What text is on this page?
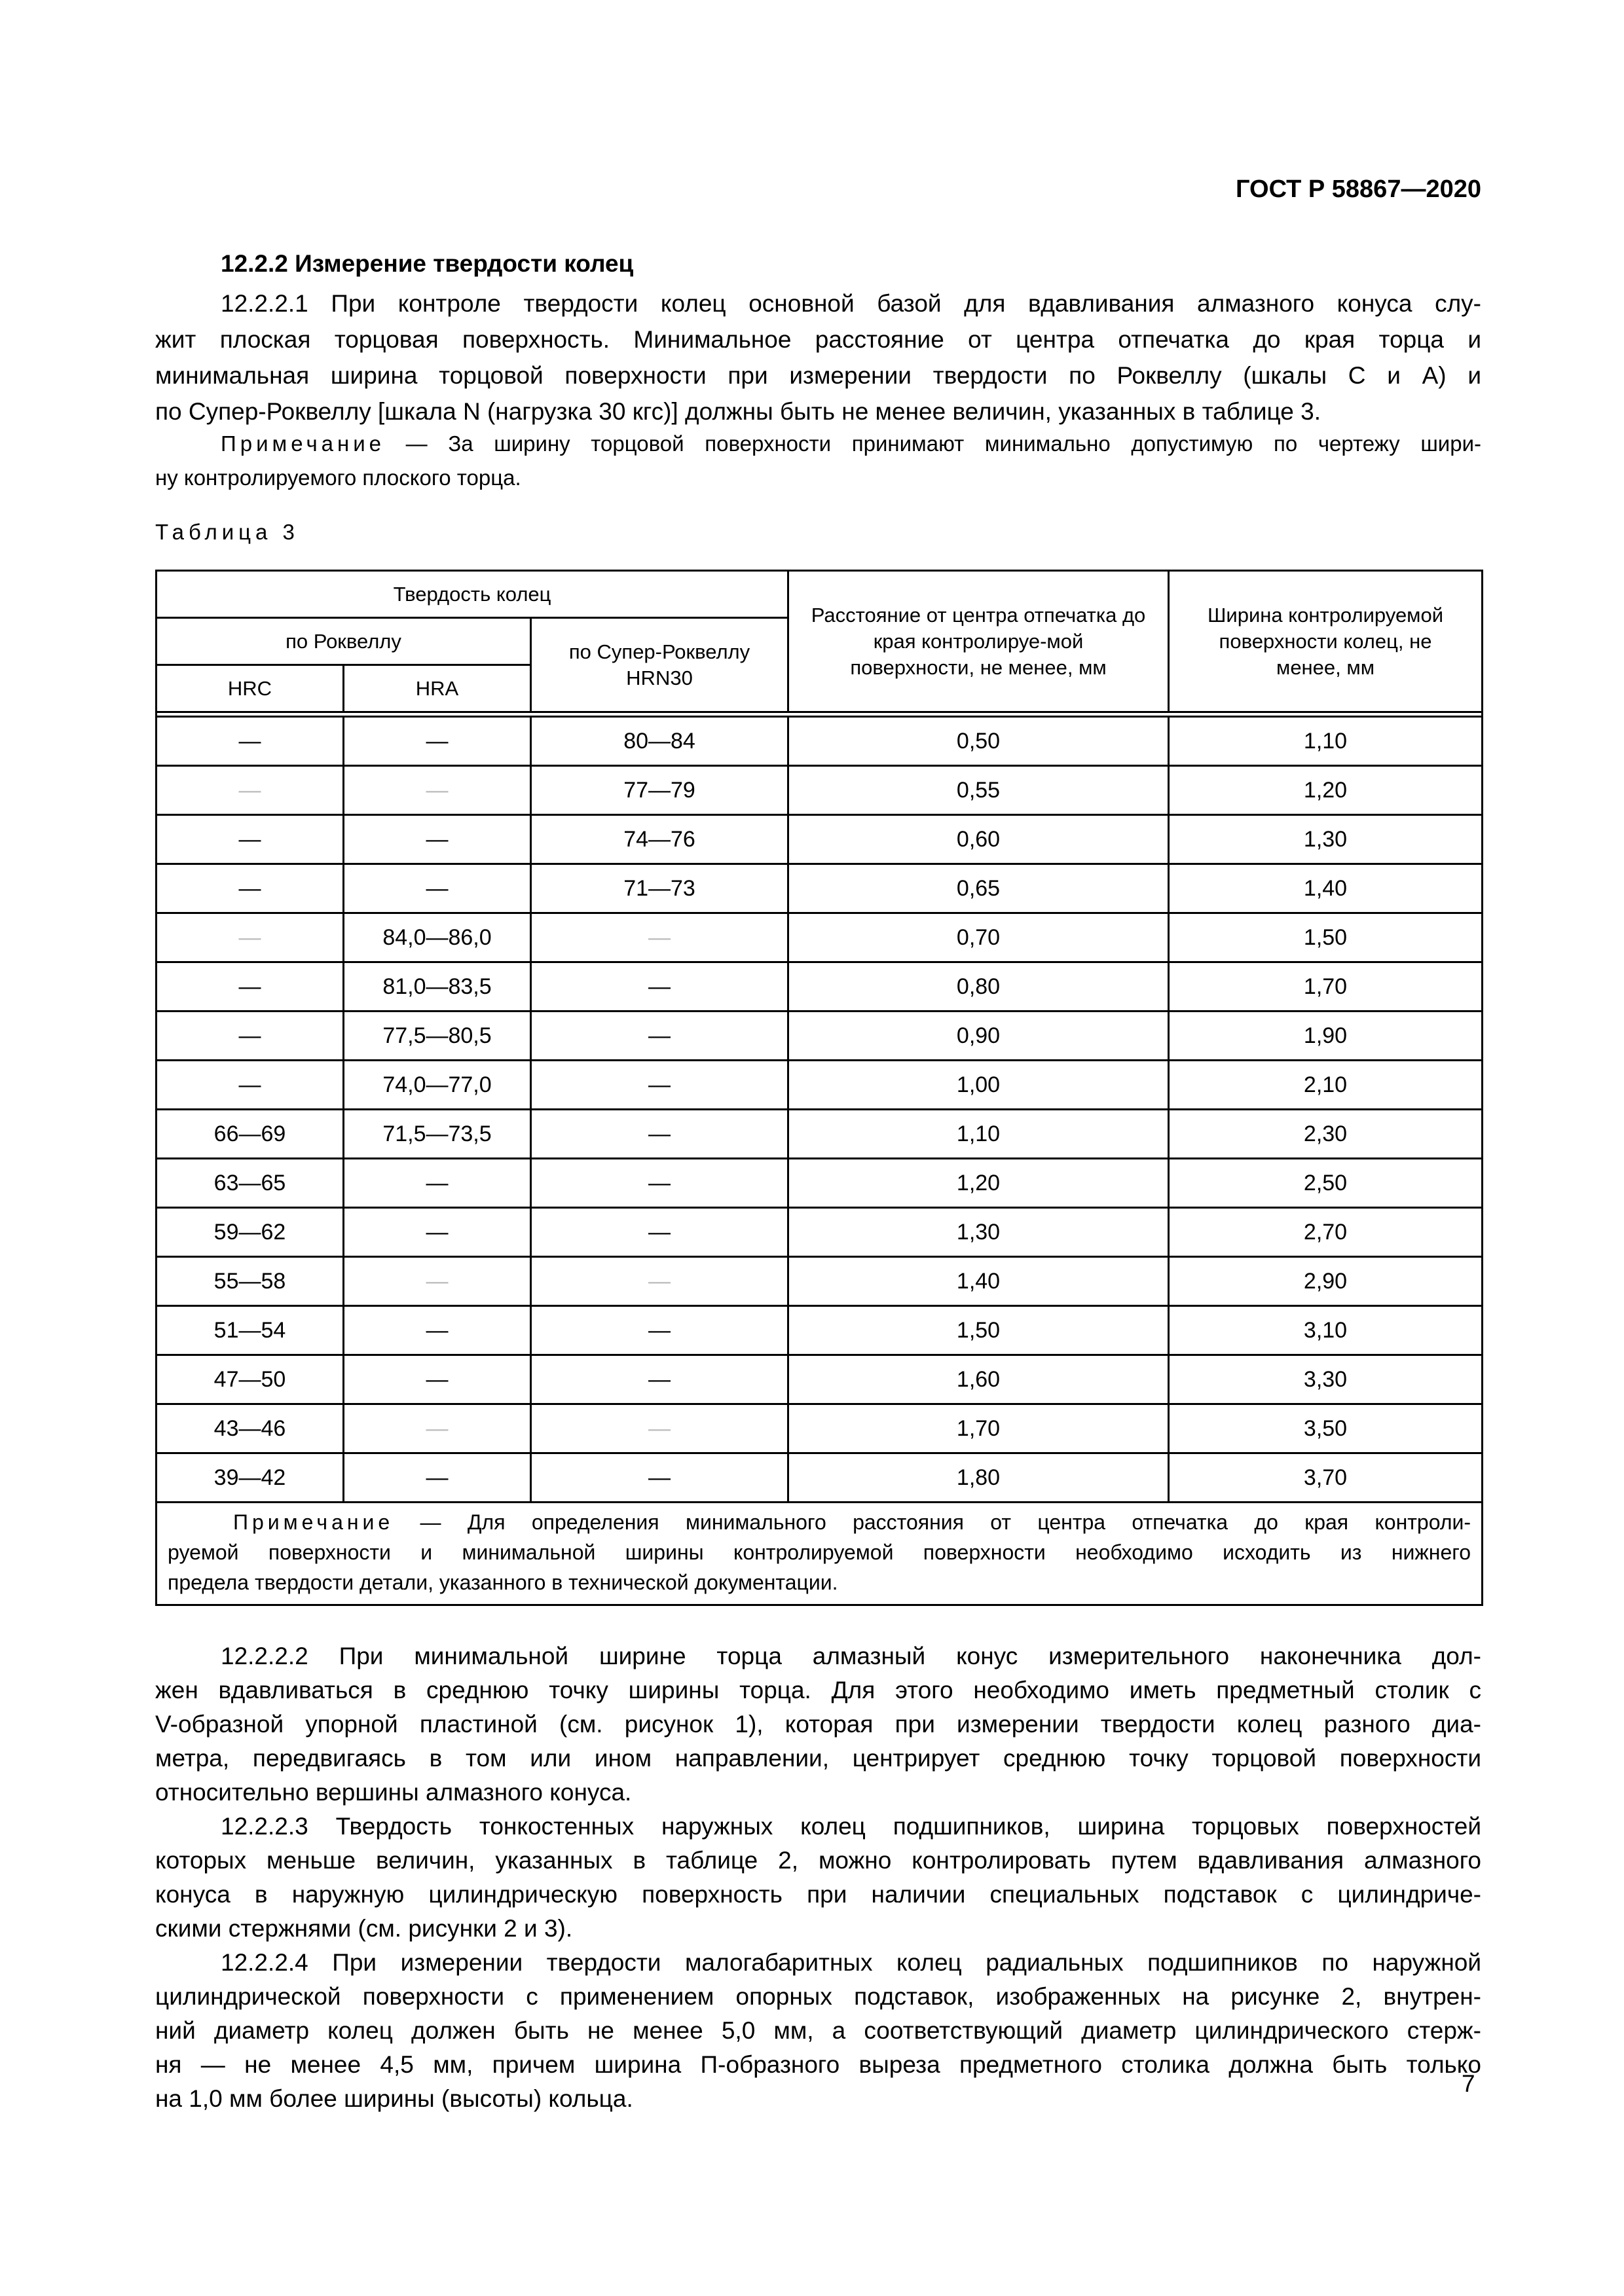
ГОСТ Р 58867—2020
12.2.2 Измерение твердости колец
12.2.2.1 При контроле твердости колец основной базой для вдавливания алмазного конуса слу-
жит плоская торцовая поверхность. Минимальное расстояние от центра отпечатка до края торца и
минимальная ширина торцовой поверхности при измерении твердости по Роквеллу (шкалы С и А) и
по Супер-Роквеллу [шкала N (нагрузка 30 кгс)] должны быть не менее величин, указанных в таблице 3.
Примечание — За ширину торцовой поверхности принимают минимально допустимую по чертежу шири-
ну контролируемого плоского торца.
Таблица 3
Твердость колец			Расстояние от центра отпечатка до края контролируе-мой поверхности, не менее, мм	Ширина контролируемой поверхности колец, не менее, мм
по Роквеллу		по Супер-Роквеллу HRN30		
HRC	HRA			

—	—	80—84	0,50	1,10
—	—	77—79	0,55	1,20
—	—	74—76	0,60	1,30
—	—	71—73	0,65	1,40
—	84,0—86,0	—	0,70	1,50
—	81,0—83,5	—	0,80	1,70
—	77,5—80,5	—	0,90	1,90
—	74,0—77,0	—	1,00	2,10
66—69	71,5—73,5	—	1,10	2,30
63—65	—	—	1,20	2,50
59—62	—	—	1,30	2,70
55—58	—	—	1,40	2,90
51—54	—	—	1,50	3,10
47—50	—	—	1,60	3,30
43—46	—	—	1,70	3,50
39—42	—	—	1,80	3,70

Примечание — Для определения минимального расстояния от центра отпечатка до края контроли-
руемой поверхности и минимальной ширины контролируемой поверхности необходимо исходить из нижнего
предела твердости детали, указанного в технической документации.				
12.2.2.2 При минимальной ширине торца алмазный конус измерительного наконечника дол-
жен вдавливаться в среднюю точку ширины торца. Для этого необходимо иметь предметный столик с
V-образной упорной пластиной (см. рисунок 1), которая при измерении твердости колец разного диа-
метра, передвигаясь в том или ином направлении, центрирует среднюю точку торцовой поверхности
относительно вершины алмазного конуса.
12.2.2.3 Твердость тонкостенных наружных колец подшипников, ширина торцовых поверхностей
которых меньше величин, указанных в таблице 2, можно контролировать путем вдавливания алмазного
конуса в наружную цилиндрическую поверхность при наличии специальных подставок с цилиндриче-
скими стержнями (см. рисунки 2 и 3).
12.2.2.4 При измерении твердости малогабаритных колец радиальных подшипников по наружной
цилиндрической поверхности с применением опорных подставок, изображенных на рисунке 2, внутрен-
ний диаметр колец должен быть не менее 5,0 мм, а соответствующий диаметр цилиндрического стерж-
ня — не менее 4,5 мм, причем ширина П-образного выреза предметного столика должна быть только
на 1,0 мм более ширины (высоты) кольца.
7
